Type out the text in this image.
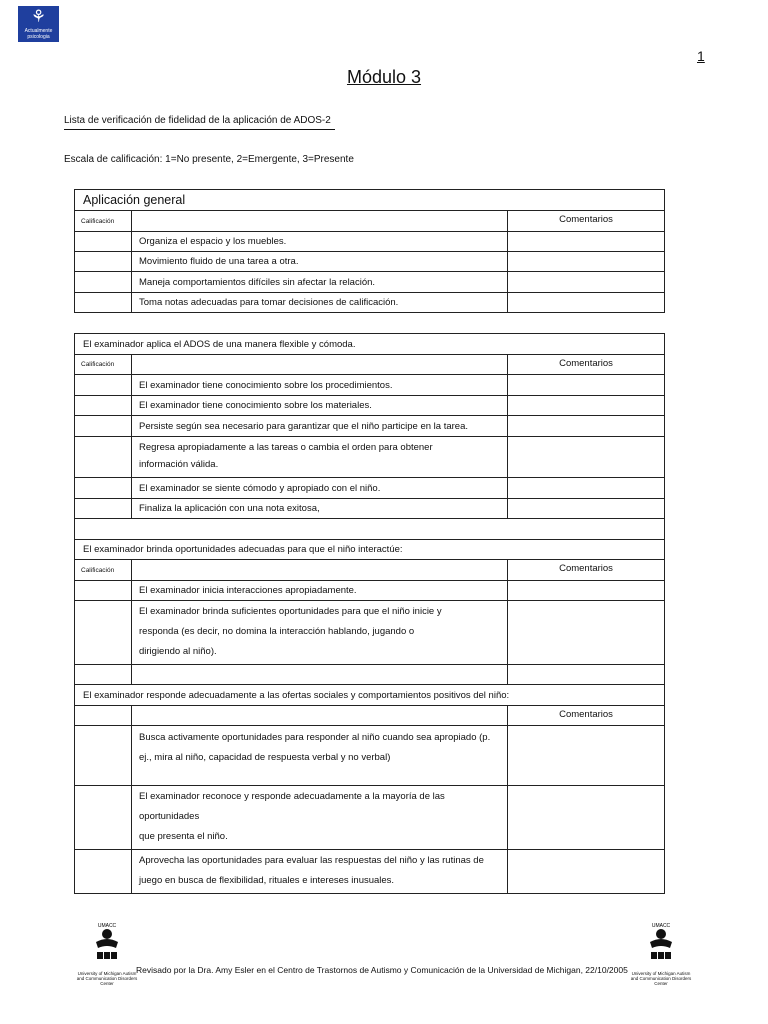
⚘
Actualmente
psicologia
1
Módulo 3
Lista de verificación de fidelidad de la aplicación de ADOS-2
Escala de calificación: 1=No presente, 2=Emergente, 3=Presente
Aplicación general		
Calificación		Comentarios
	Organiza el espacio y los muebles.	
	Movimiento fluido de una tarea a otra.	
	Maneja comportamientos difíciles sin afectar la relación.	
	Toma notas adecuadas para tomar decisiones de calificación.	
El examinador aplica el ADOS de una manera flexible y cómoda.		
Calificación		Comentarios
	El examinador tiene conocimiento sobre los procedimientos.	
	El examinador tiene conocimiento sobre los materiales.	
	Persiste según sea necesario para garantizar que el niño participe en la tarea.	

	Regresa apropiadamente a las tareas o cambia el orden para obtener
información válida.	

	El examinador se siente cómodo y apropiado con el niño.	
	Finaliza la aplicación con una nota exitosa,	

El examinador brinda oportunidades adecuadas para que el niño interactúe:		
Calificación		Comentarios
	El examinador inicia interacciones apropiadamente.	

	El examinador brinda suficientes oportunidades para que el niño inicie y
responda (es decir, no domina la interacción hablando, jugando o
dirigiendo al niño).	

El examinador responde adecuadamente a las ofertas sociales y comportamientos positivos del niño:		
		Comentarios

	Busca activamente oportunidades para responder al niño cuando sea apropiado (p.
ej., mira al niño, capacidad de respuesta verbal y no verbal)	

	El examinador reconoce y responde adecuadamente a la mayoría de las oportunidades
que presenta el niño.	

	Aprovecha las oportunidades para evaluar las respuestas del niño y las rutinas de
juego en busca de flexibilidad, rituales e intereses inusuales.	

UMACC
University of Michigan Autism and Communication Disorders Center
UMACC
University of Michigan Autism and Communication Disorders Center
Revisado por la Dra. Amy Esler en el Centro de Trastornos de Autismo y Comunicación de la Universidad de Michigan, 22/10/2005
